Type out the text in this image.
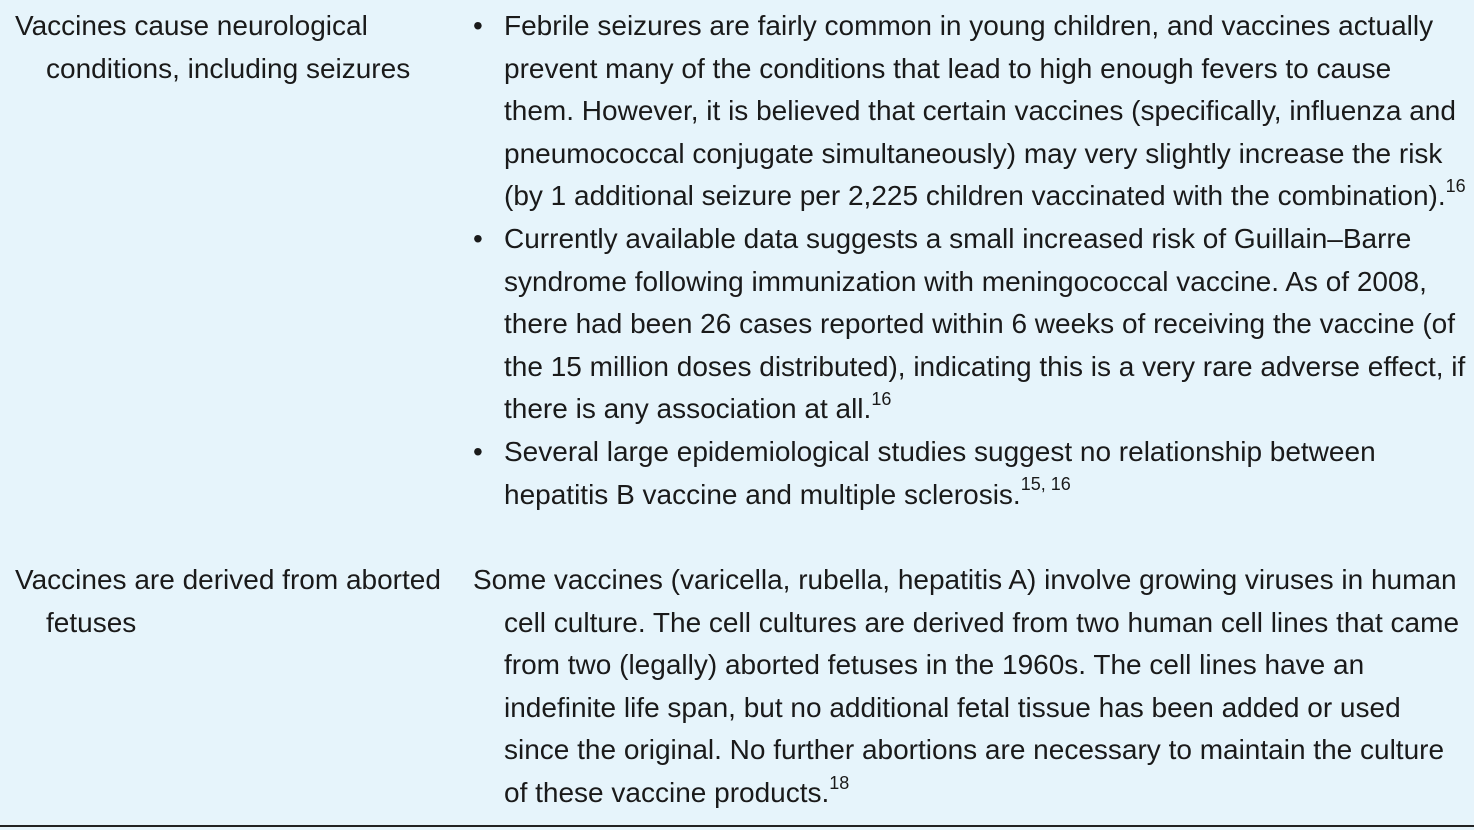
Vaccines cause neurological conditions, including seizures
• Febrile seizures are fairly common in young children, and vaccines actually prevent many of the conditions that lead to high enough fevers to cause them. However, it is believed that certain vaccines (specifically, influenza and pneumococcal conjugate simultaneously) may very slightly increase the risk (by 1 additional seizure per 2,225 children vaccinated with the combination).$^{16}$
• Currently available data suggests a small increased risk of Guillain–Barre syndrome following immunization with meningococcal vaccine. As of 2008, there had been 26 cases reported within 6 weeks of receiving the vaccine (of the 15 million doses distributed), indicating this is a very rare adverse effect, if there is any association at all.$^{16}$
• Several large epidemiological studies suggest no relationship between hepatitis B vaccine and multiple sclerosis.$^{15, 16}$
Vaccines are derived from aborted fetuses
Some vaccines (varicella, rubella, hepatitis A) involve growing viruses in human cell culture. The cell cultures are derived from two human cell lines that came from two (legally) aborted fetuses in the 1960s. The cell lines have an indefinite life span, but no additional fetal tissue has been added or used since the original. No further abortions are necessary to maintain the culture of these vaccine products.$^{18}$
